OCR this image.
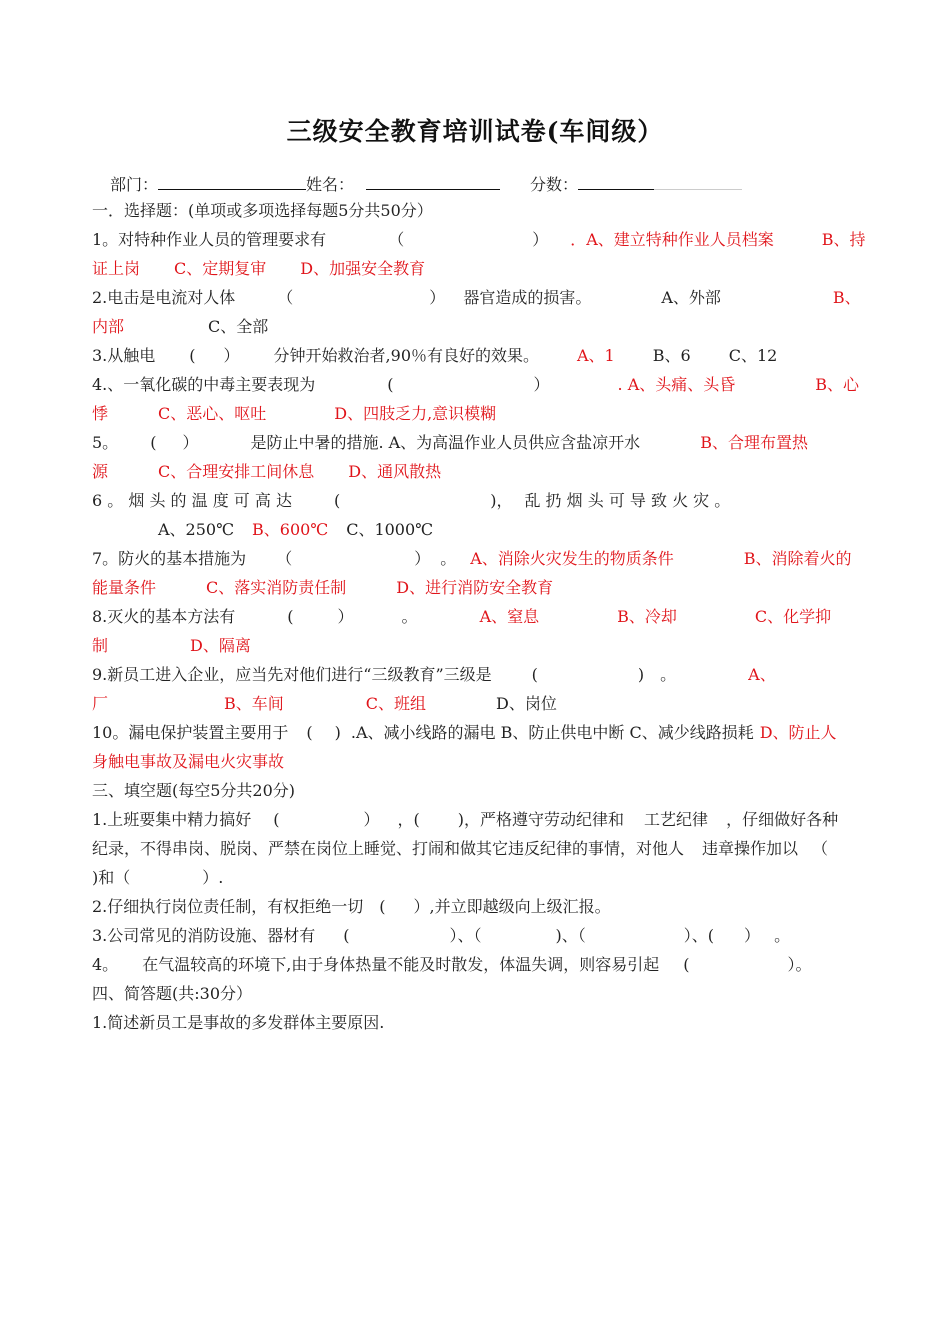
三级安全教育培训试卷(车间级）
部门：	姓名：	分数：
一．选择题：(单项或多项选择每题5分共50分）
1。对特种作业人员的管理要求有	（	） ．A、建立特种作业人员档案	B、持
证上岗 C、定期复审 D、加强安全教育
2.电击是电流对人体	（	） 器官造成的损害。	A、外部	B、
内部	C、全部
3.从触电 ( ） 分钟开始救治者,90％有良好的效果。 A、1 B、6 C、12
4.、一氧化碳的中毒主要表现为	(	）	. A、头痛、头昏	B、心
悸	C、恶心、呕吐	D、四肢乏力,意识模糊
5。 ( ）	是防止中暑的措施. A、为高温作业人员供应含盐凉开水	B、合理布置热
源	C、合理安排工间休息 D、通风散热
6 。 烟 头 的 温 度 可 高 达	(	)， 乱 扔 烟 头 可 导 致 火 灾 。
A、250℃ B、600℃ C、1000℃
7。防火的基本措施为 （	） 。 A、消除火灾发生的物质条件	B、消除着火的
能量条件	C、落实消防责任制	D、进行消防安全教育
8.灭火的基本方法有	(	）	。	A、窒息	B、冷却	C、化学抑
制	D、隔离
9.新员工进入企业，应当先对他们进行“三级教育”三级是	(	) 。	A、
厂	B、车间	C、班组	D、岗位
10。漏电保护装置主要用于 ( ) .A、减小线路的漏电 B、防止供电中断 C、减少线路损耗 D、防止人
身触电事故及漏电火灾事故
三、填空题(每空5分共20分)
1.上班要集中精力搞好 (	） ，( )，严格遵守劳动纪律和 工艺纪律 ，仔细做好各种
纪录，不得串岗、脱岗、严禁在岗位上睡觉、打闹和做其它违反纪律的事情，对他人 违章操作加以 （
)和（	）.
2.仔细执行岗位责任制，有权拒绝一切 ( ）,并立即越级向上级汇报。
3.公司常见的消防设施、器材有 (	）、（	)、（	）、( ） 。
4。 在气温较高的环境下,由于身体热量不能及时散发，体温失调，则容易引起 (	）。
四、简答题(共:30分）
1.简述新员工是事故的多发群体主要原因.
